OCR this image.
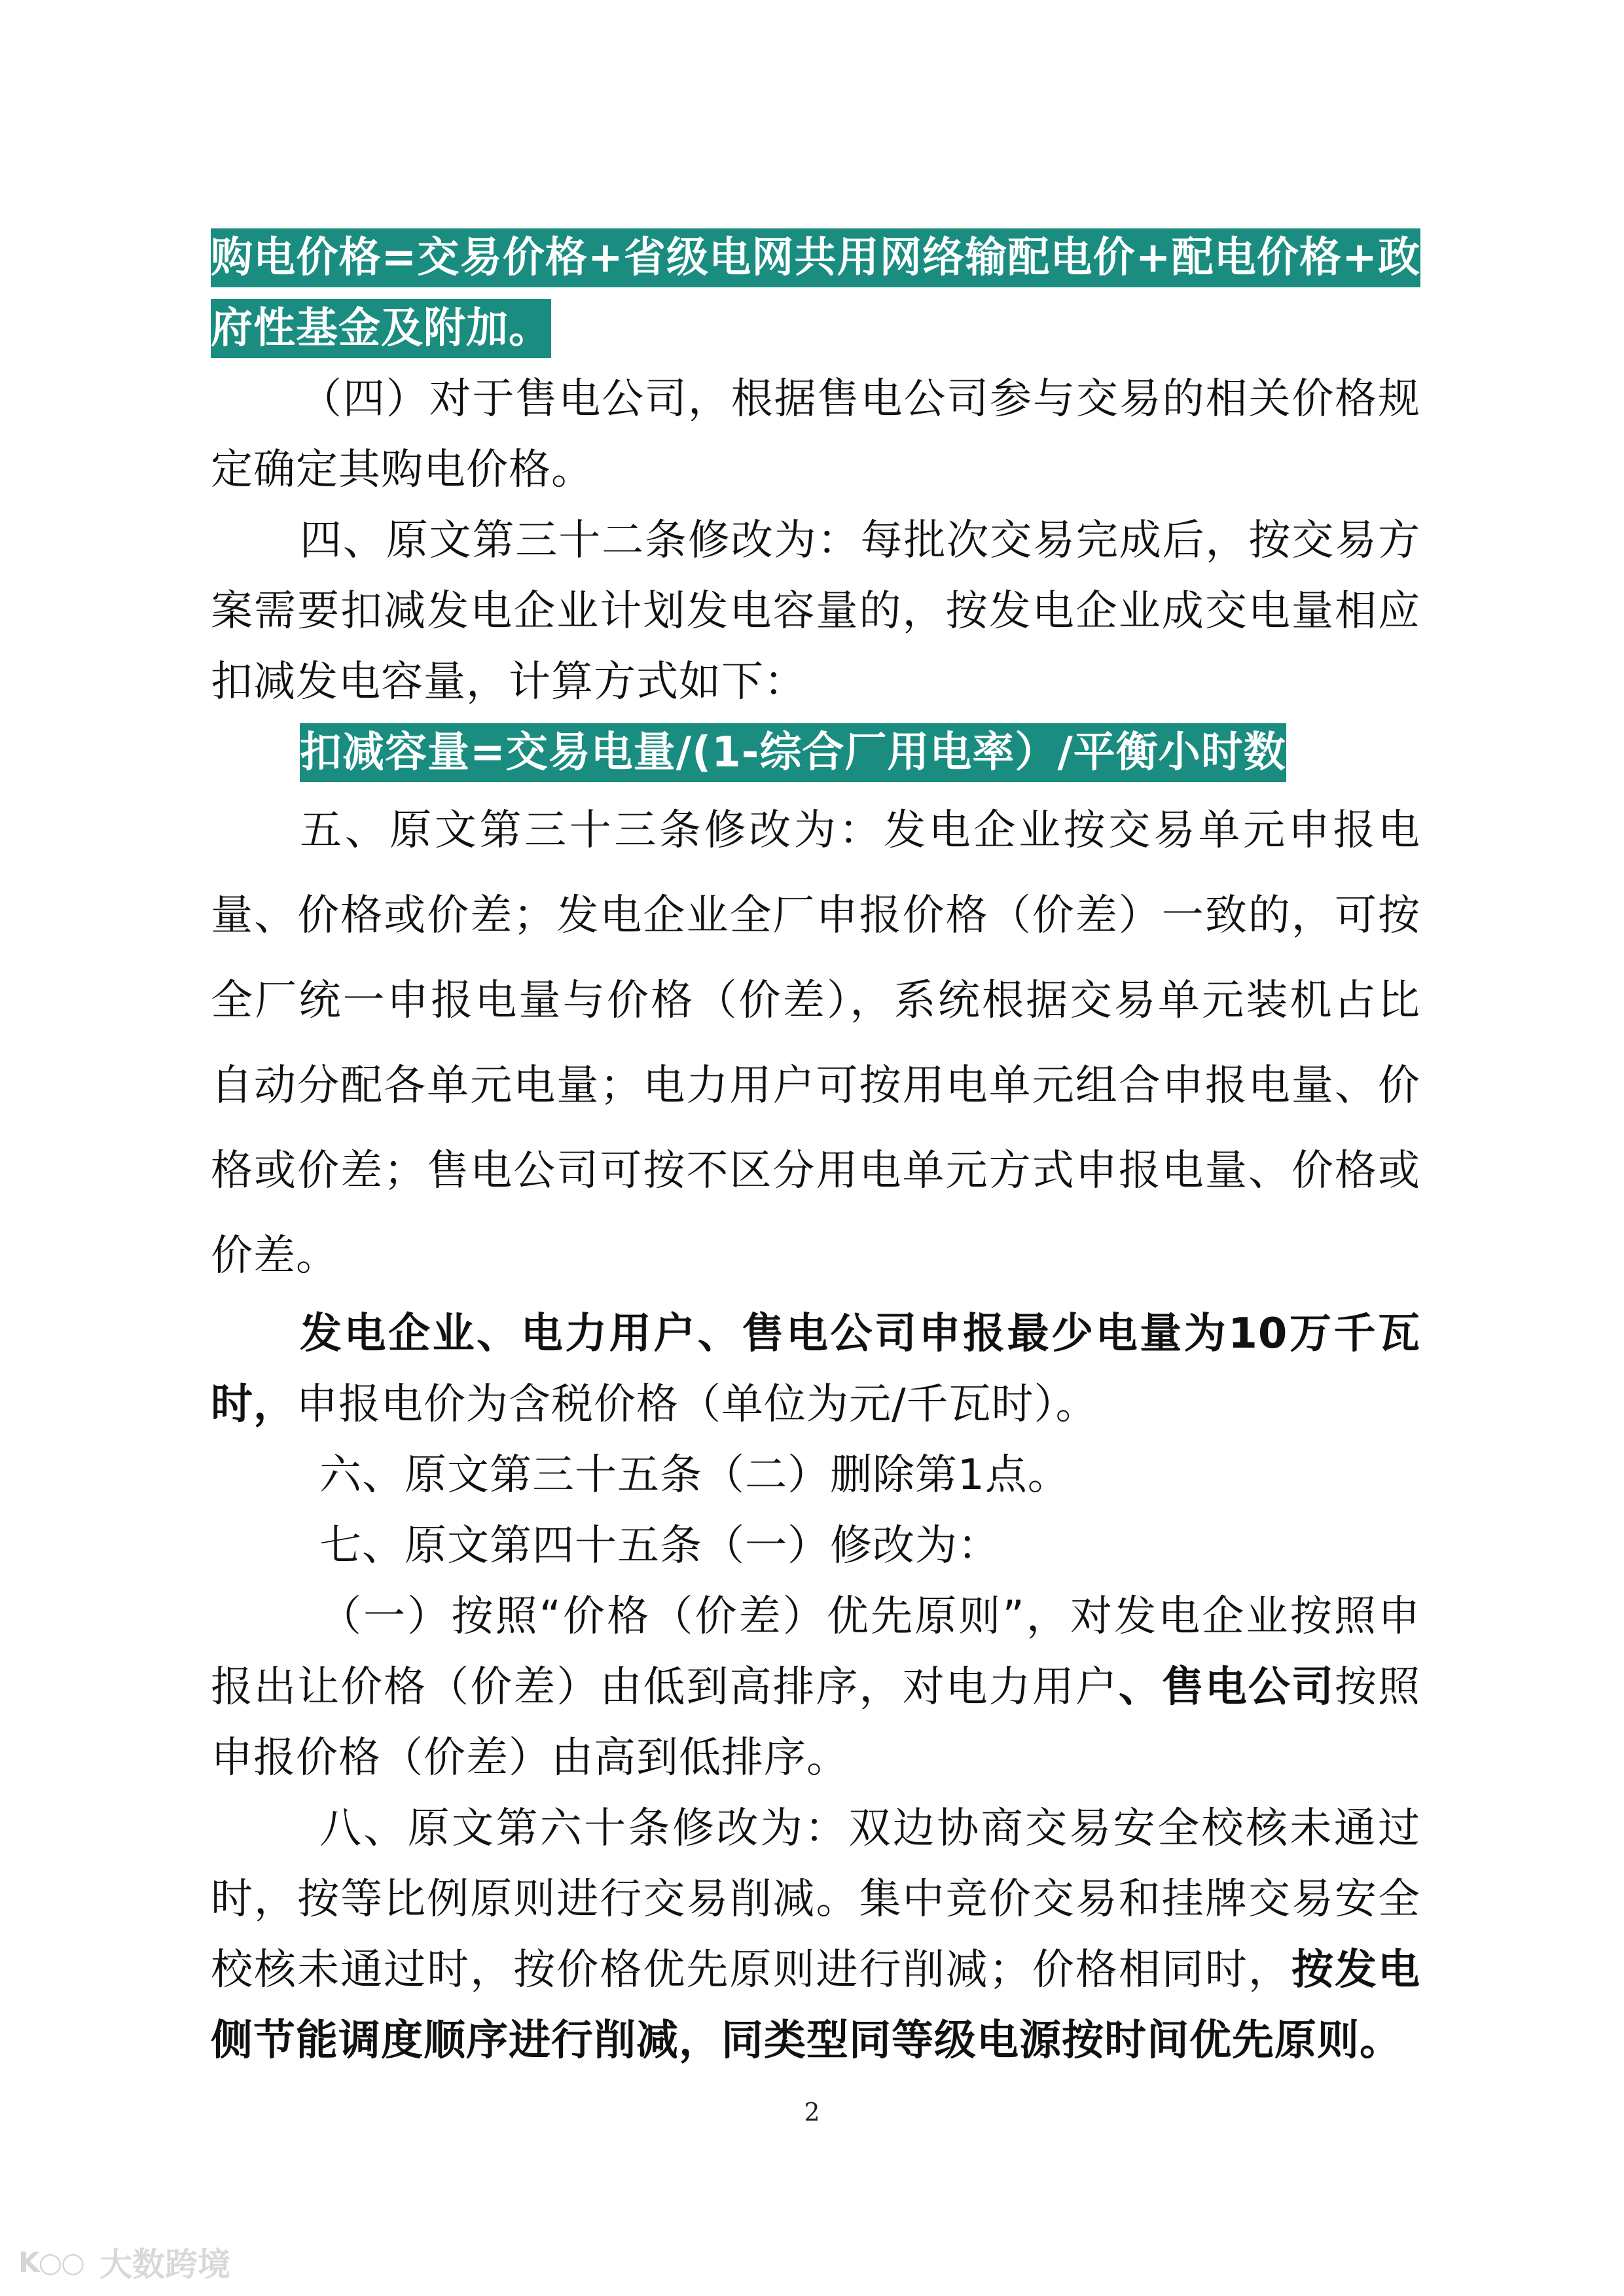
购电价格=交易价格+省级电网共用网络输配电价+配电价格+政府性基金及附加。

（四）对于售电公司，根据售电公司参与交易的相关价格规定确定其购电价格。

四、原文第三十二条修改为：每批次交易完成后，按交易方案需要扣减发电企业计划发电容量的，按发电企业成交电量相应扣减发电容量，计算方式如下：

扣减容量=交易电量/(1-综合厂用电率）/平衡小时数

五、原文第三十三条修改为：发电企业按交易单元申报电量、价格或价差；发电企业全厂申报价格（价差）一致的，可按全厂统一申报电量与价格（价差），系统根据交易单元装机占比自动分配各单元电量；电力用户可按用电单元组合申报电量、价格或价差；售电公司可按不区分用电单元方式申报电量、价格或价差。

发电企业、电力用户、售电公司申报最少电量为10万千瓦时，申报电价为含税价格（单位为元/千瓦时）。

六、原文第三十五条（二）删除第1点。

七、原文第四十五条（一）修改为：

（一）按照“价格（价差）优先原则”，对发电企业按照申报出让价格（价差）由低到高排序，对电力用户、售电公司按照申报价格（价差）由高到低排序。

八、原文第六十条修改为：双边协商交易安全校核未通过时，按等比例原则进行交易削减。集中竞价交易和挂牌交易安全校核未通过时，按价格优先原则进行削减；价格相同时，按发电侧节能调度顺序进行削减，同类型同等级电源按时间优先原则。

2
K○○ 大数跨境
